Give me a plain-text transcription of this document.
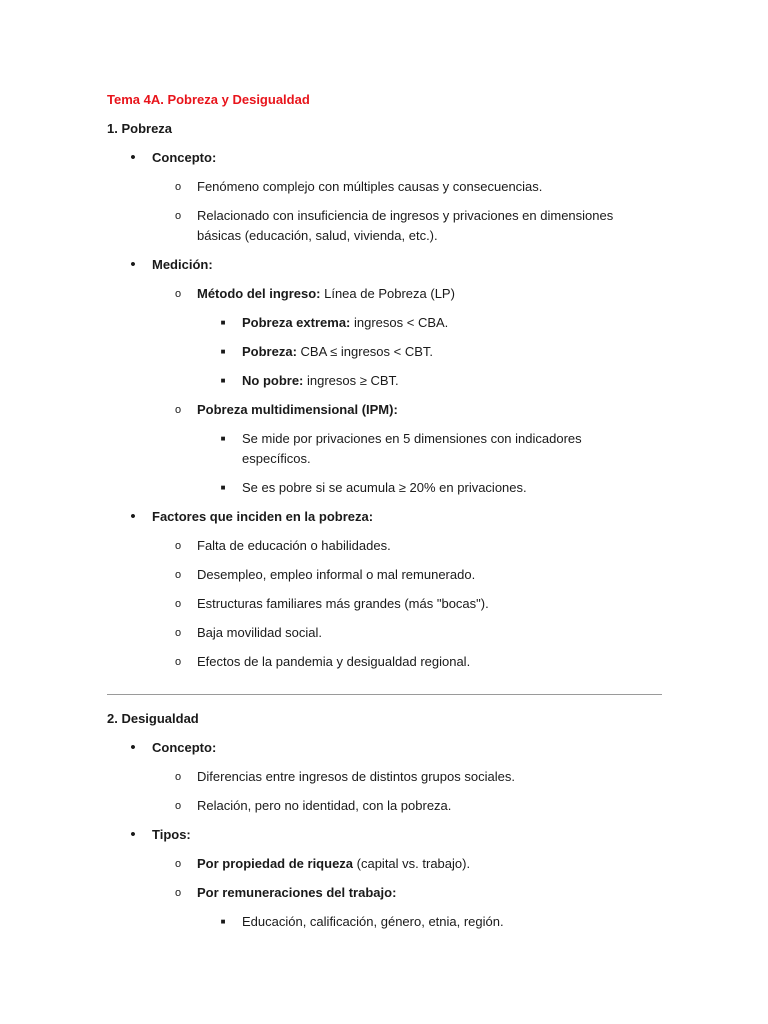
Tema 4A. Pobreza y Desigualdad
1. Pobreza
• Concepto:
o Fenómeno complejo con múltiples causas y consecuencias.
o Relacionado con insuficiencia de ingresos y privaciones en dimensiones
básicas (educación, salud, vivienda, etc.).
• Medición:
o Método del ingreso: Línea de Pobreza (LP)
■ Pobreza extrema: ingresos < CBA.
■ Pobreza: CBA ≤ ingresos < CBT.
■ No pobre: ingresos ≥ CBT.
o Pobreza multidimensional (IPM):
■ Se mide por privaciones en 5 dimensiones con indicadores
específicos.
■ Se es pobre si se acumula ≥ 20% en privaciones.
• Factores que inciden en la pobreza:
o Falta de educación o habilidades.
o Desempleo, empleo informal o mal remunerado.
o Estructuras familiares más grandes (más "bocas").
o Baja movilidad social.
o Efectos de la pandemia y desigualdad regional.
2. Desigualdad
• Concepto:
o Diferencias entre ingresos de distintos grupos sociales.
o Relación, pero no identidad, con la pobreza.
• Tipos:
o Por propiedad de riqueza (capital vs. trabajo).
o Por remuneraciones del trabajo:
■ Educación, calificación, género, etnia, región.
